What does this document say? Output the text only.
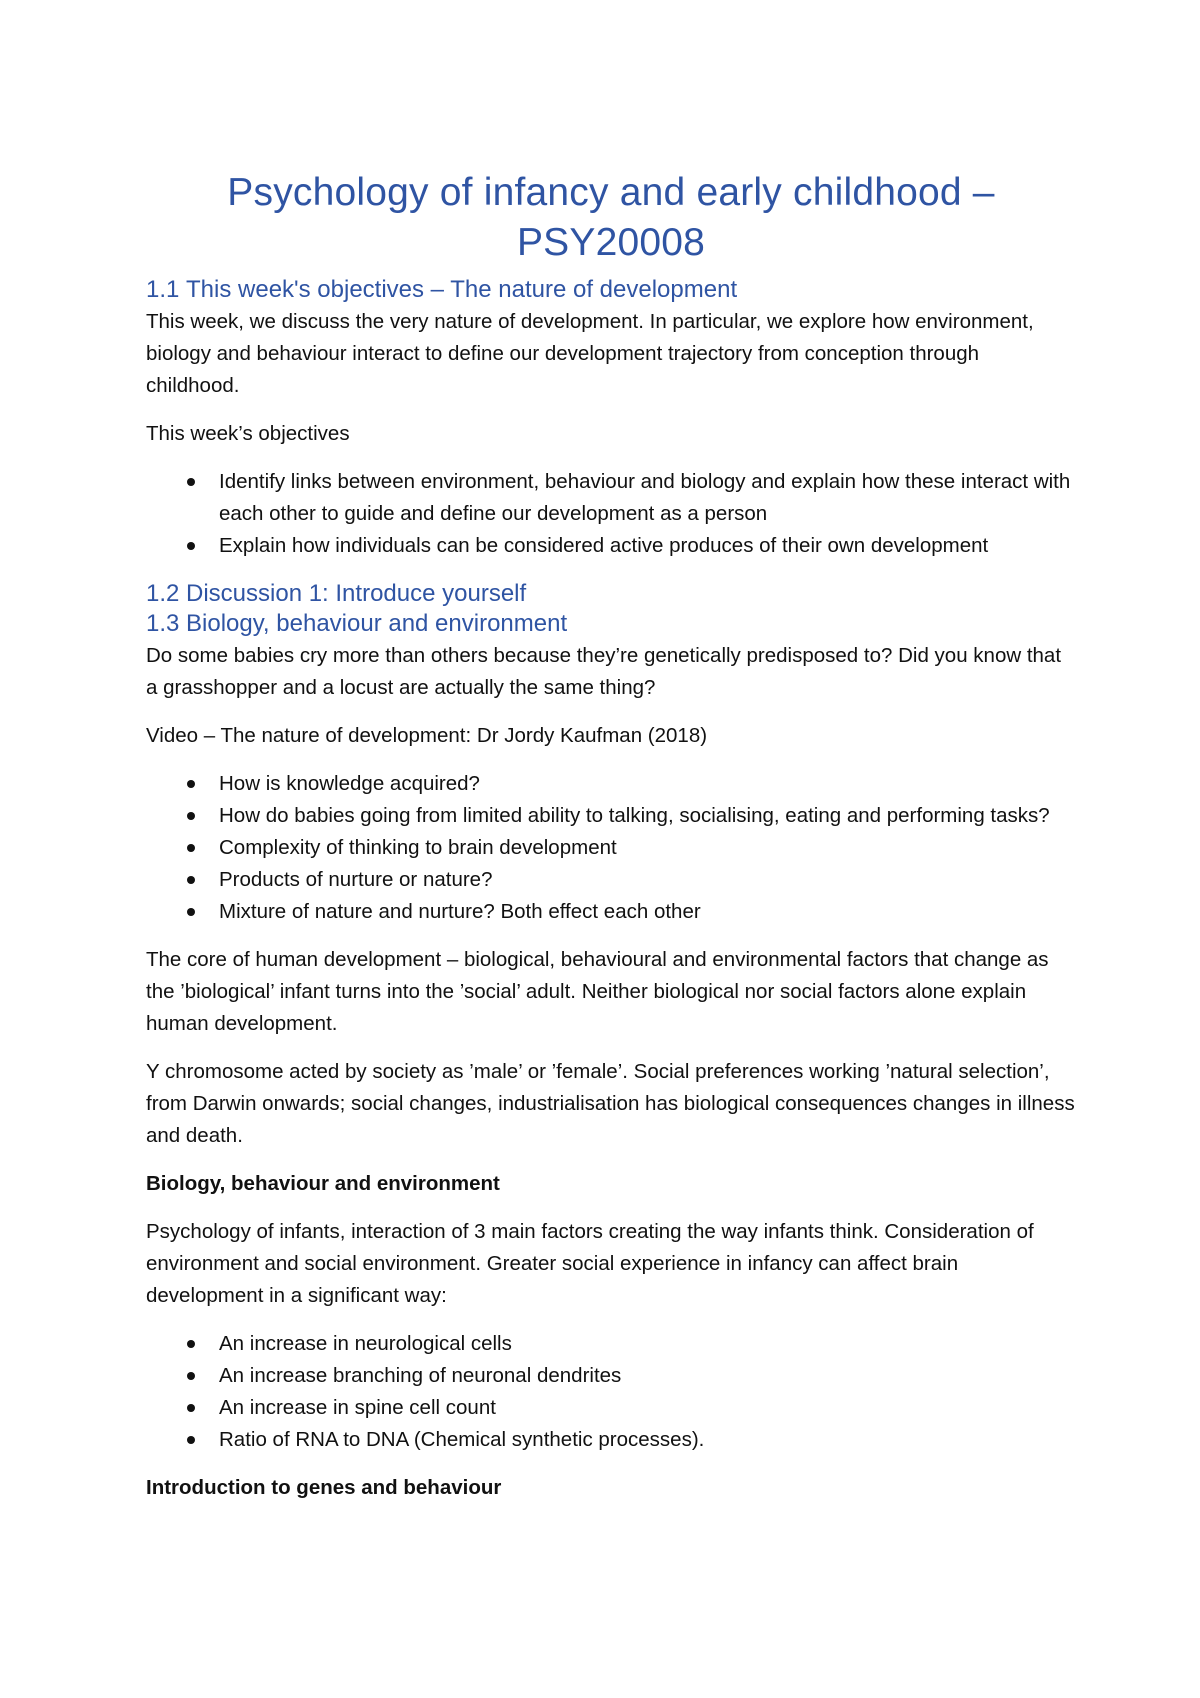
Psychology of infancy and early childhood – PSY20008
1.1 This week's objectives – The nature of development

This week, we discuss the very nature of development. In particular, we explore how environment, biology and behaviour interact to define our development trajectory from conception through childhood.

This week’s objectives

Identify links between environment, behaviour and biology and explain how these interact with each other to guide and define our development as a person
Explain how individuals can be considered active produces of their own development
1.2 Discussion 1: Introduce yourself
1.3 Biology, behaviour and environment

Do some babies cry more than others because they’re genetically predisposed to? Did you know that a grasshopper and a locust are actually the same thing?

Video – The nature of development: Dr Jordy Kaufman (2018)

How is knowledge acquired?
How do babies going from limited ability to talking, socialising, eating and performing tasks?
Complexity of thinking to brain development
Products of nurture or nature?
Mixture of nature and nurture? Both effect each other

The core of human development – biological, behavioural and environmental factors that change as the ’biological’ infant turns into the ’social’ adult. Neither biological nor social factors alone explain human development.

Y chromosome acted by society as ’male’ or ’female’. Social preferences working ’natural selection’, from Darwin onwards; social changes, industrialisation has biological consequences changes in illness and death.

Biology, behaviour and environment

Psychology of infants, interaction of 3 main factors creating the way infants think. Consideration of environment and social environment. Greater social experience in infancy can affect brain development in a significant way:

An increase in neurological cells
An increase branching of neuronal dendrites
An increase in spine cell count
Ratio of RNA to DNA (Chemical synthetic processes).

Introduction to genes and behaviour
